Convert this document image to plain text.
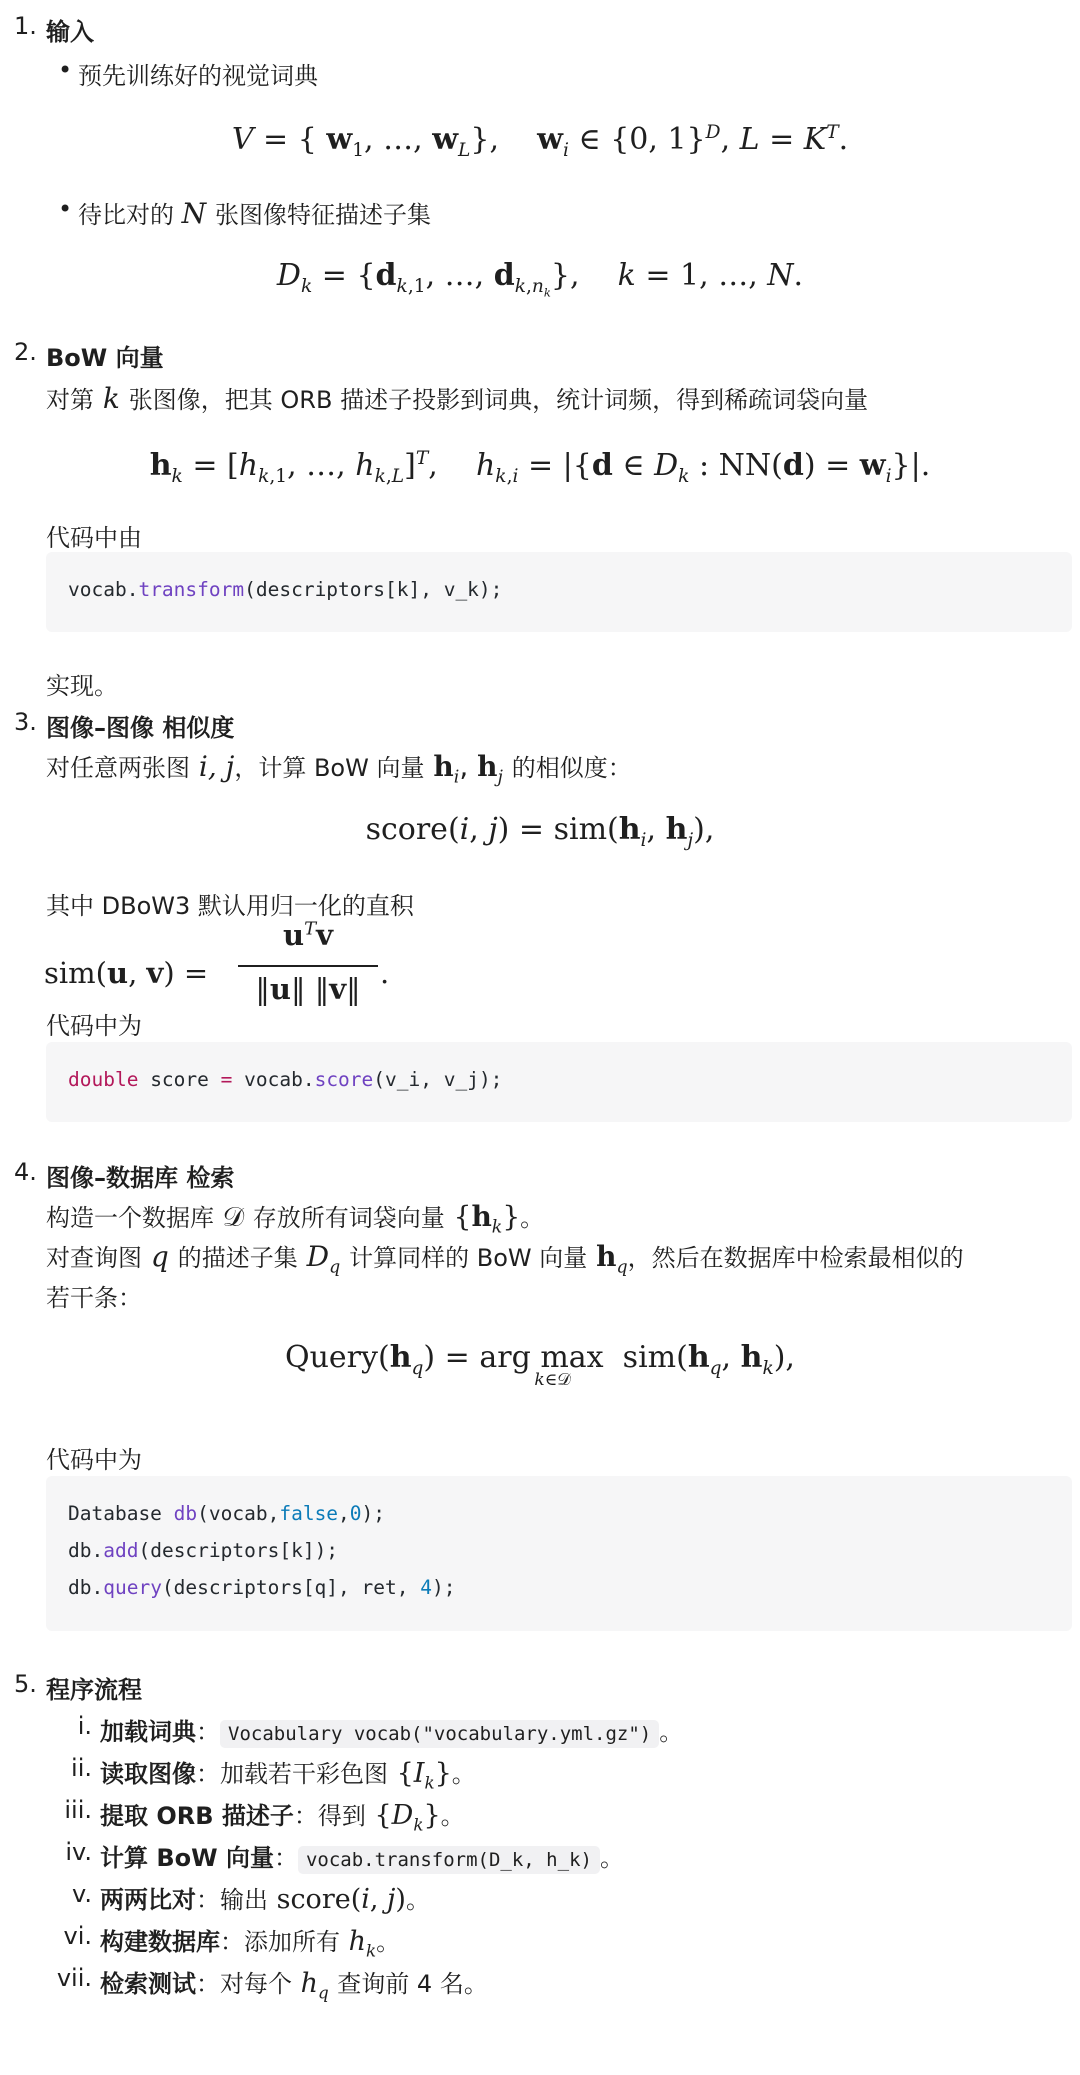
1. 输入
• 预先训练好的视觉词典
V = { $w_1$, …, $w_L$},    $w_i$ ∈ {0, 1}$^D$, $L = K^T$.
• 待比对的 N 张图像特征描述子集
$D_k = \{d_{k,1}$, …, $d_{k,n_k}$},    k = 1, …, N.
2. BoW 向量
对第 k 张图像，把其 ORB 描述子投影到词典，统计词频，得到稀疏词袋向量
$h_k = [h_{k,1}$, …, $h_{k,L}]^T$,    $h_{k,i} = |\{d$ ∈ $D_k$ : $NN(d) = w_i\}|$.
代码中由
vocab.transform(descriptors[k], v_k);
实现。
3. 图像–图像 相似度
对任意两张图 i, j，计算 BoW 向量 $h_i$, $h_j$ 的相似度：
score(i, $j) = sim(h_i$, $h_j$),
其中 DBoW3 默认用归一化的直积
sim(u, v) =
$u^Tv$
‖u‖ ‖v‖ .
代码中为
double score = vocab.score(v_i, v_j);
4. 图像–数据库 检索
构造一个数据库 𝒟 存放所有词袋向量 $\{h_k\}$。
对查询图 q 的描述子集 $D_q$ 计算同样的 BoW 向量 $h_q$，然后在数据库中检索最相似的
若干条：
$Query(h_q)$ = arg max
k∈𝒟
$sim(h_q$, $h_k$),
代码中为
Database db(vocab,false,0);
db.add(descriptors[k]);
db.query(descriptors[q], ret, 4);
5. 程序流程
i. 加载词典： Vocabulary vocab("vocabulary.yml.gz") 。
ii. 读取图像：加载若干彩色图 $\{I_k\}$。
iii. 提取 ORB 描述子：得到 $\{D_k\}$。
iv. 计算 BoW 向量： vocab.transform(D_k, h_k) 。
v. 两两比对：输出 score(i, j)。
vi. 构建数据库：添加所有 $h_k$。
vii. 检索测试：对每个 $h_q$ 查询前 4 名。
